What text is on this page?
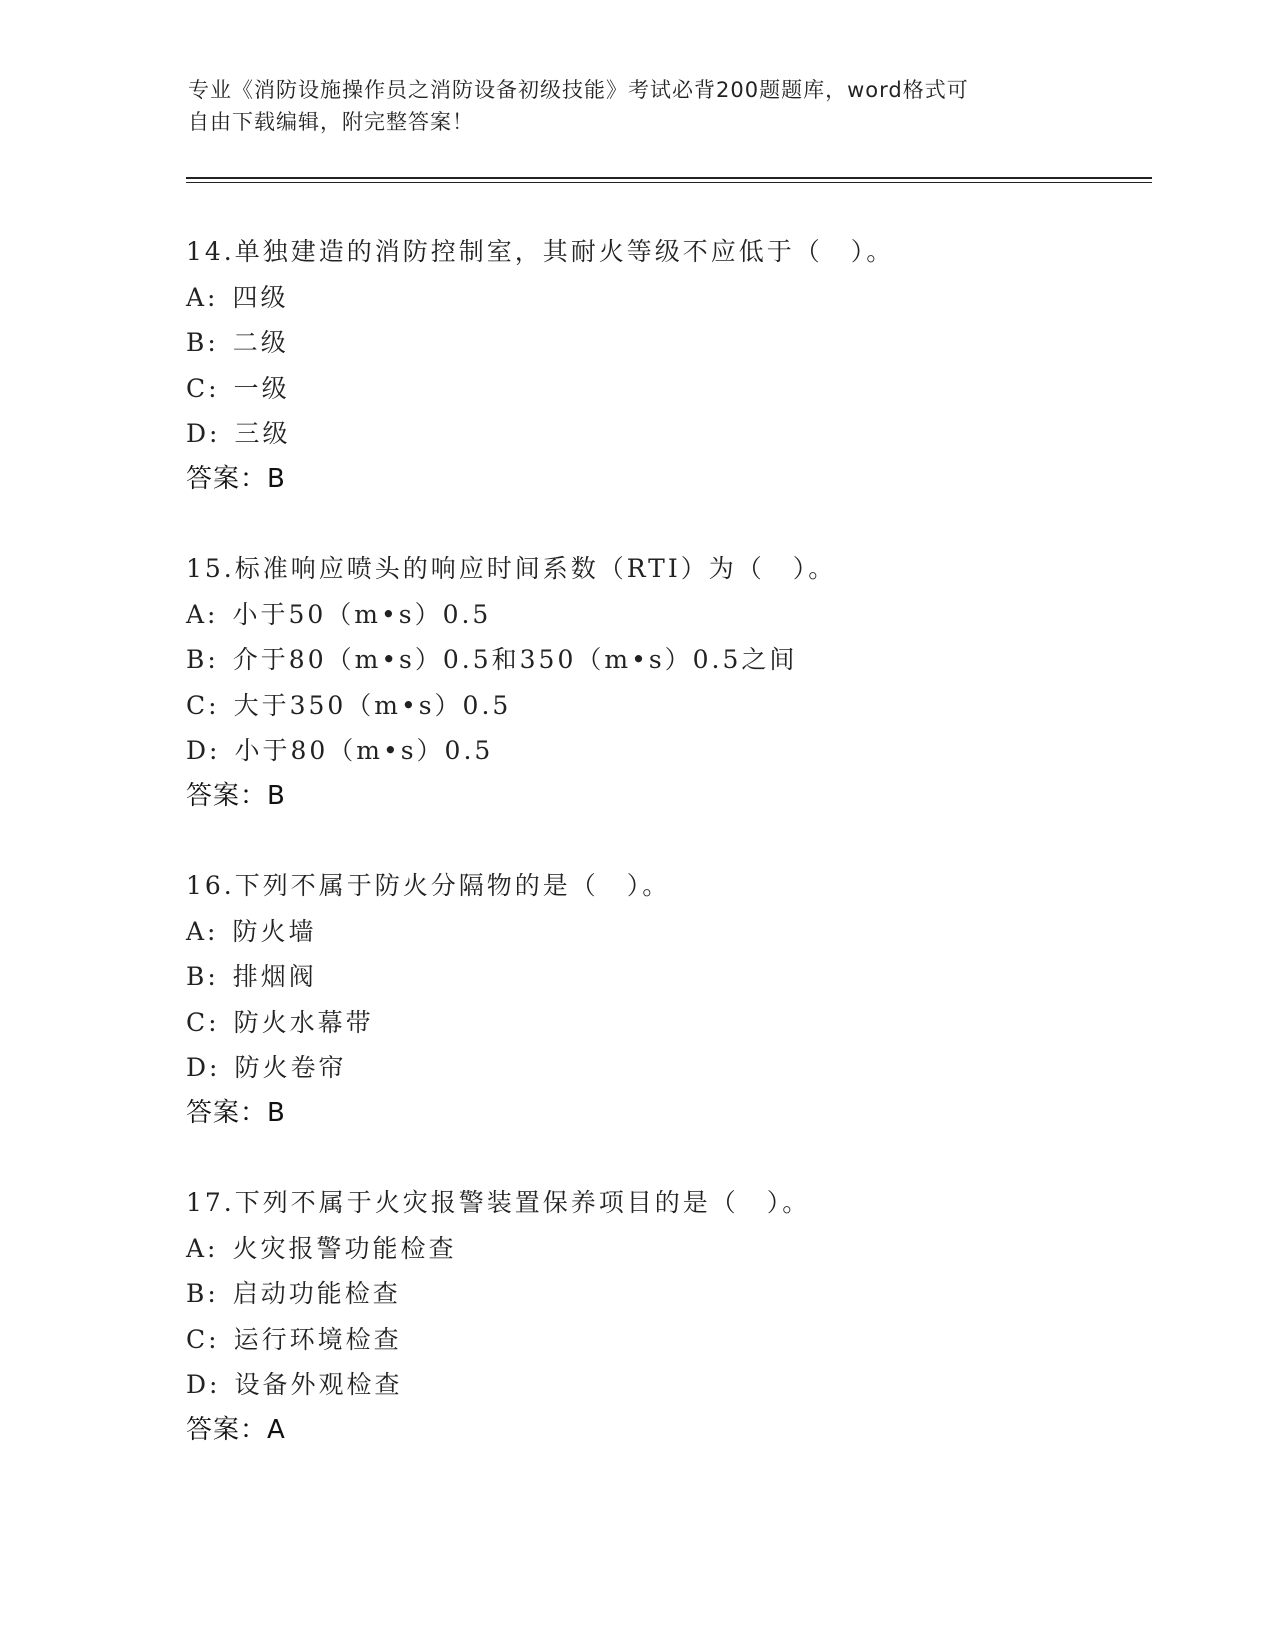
专业《消防设施操作员之消防设备初级技能》考试必背200题题库，word格式可
自由下载编辑，附完整答案！
14.单独建造的消防控制室，其耐火等级不应低于（　）。
A: 四级
B: 二级
C: 一级
D: 三级
答案：B
15.标准响应喷头的响应时间系数（RTI）为（　）。
A: 小于50（m•s）0.5
B: 介于80（m•s）0.5和350（m•s）0.5之间
C: 大于350（m•s）0.5
D: 小于80（m•s）0.5
答案：B
16.下列不属于防火分隔物的是（　）。
A: 防火墙
B: 排烟阀
C: 防火水幕带
D: 防火卷帘
答案：B
17.下列不属于火灾报警装置保养项目的是（　）。
A: 火灾报警功能检查
B: 启动功能检查
C: 运行环境检查
D: 设备外观检查
答案：A
